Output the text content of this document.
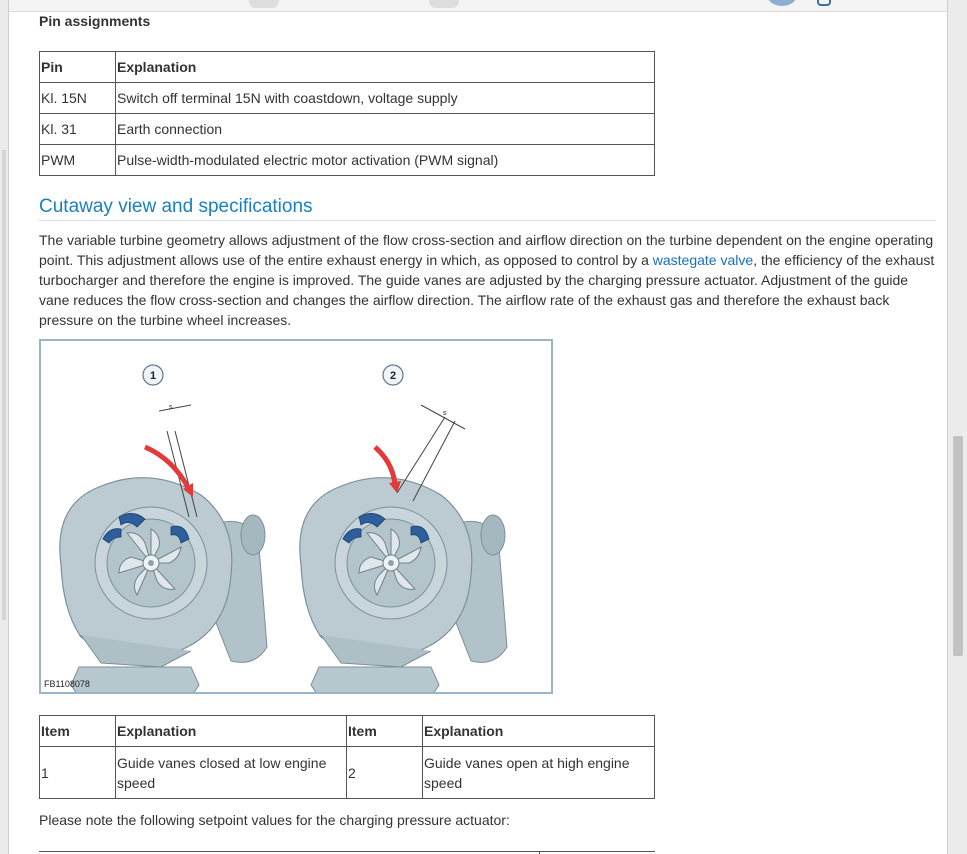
Pin assignments
Pin	Explanation
Kl. 15N	Switch off terminal 15N with coastdown, voltage supply
Kl. 31	Earth connection
PWM	Pulse-width-modulated electric motor activation (PWM signal)
Cutaway view and specifications

The variable turbine geometry allows adjustment of the flow cross-section and airflow direction on the turbine dependent on the engine operating point. This adjustment allows use of the entire exhaust energy in which, as opposed to control by a wastegate valve, the efficiency of the exhaust turbocharger and therefore the engine is improved. The guide vanes are adjusted by the charging pressure actuator. Adjustment of the guide vane reduces the flow cross-section and changes the airflow direction. The airflow rate of the exhaust gas and therefore the exhaust back pressure on the turbine wheel increases.

1
s
2
s
FB1108078
Item	Explanation	Item	Explanation
1	Guide vanes closed at low engine speed	2	Guide vanes open at high engine speed
Please note the following setpoint values for the charging pressure actuator:
